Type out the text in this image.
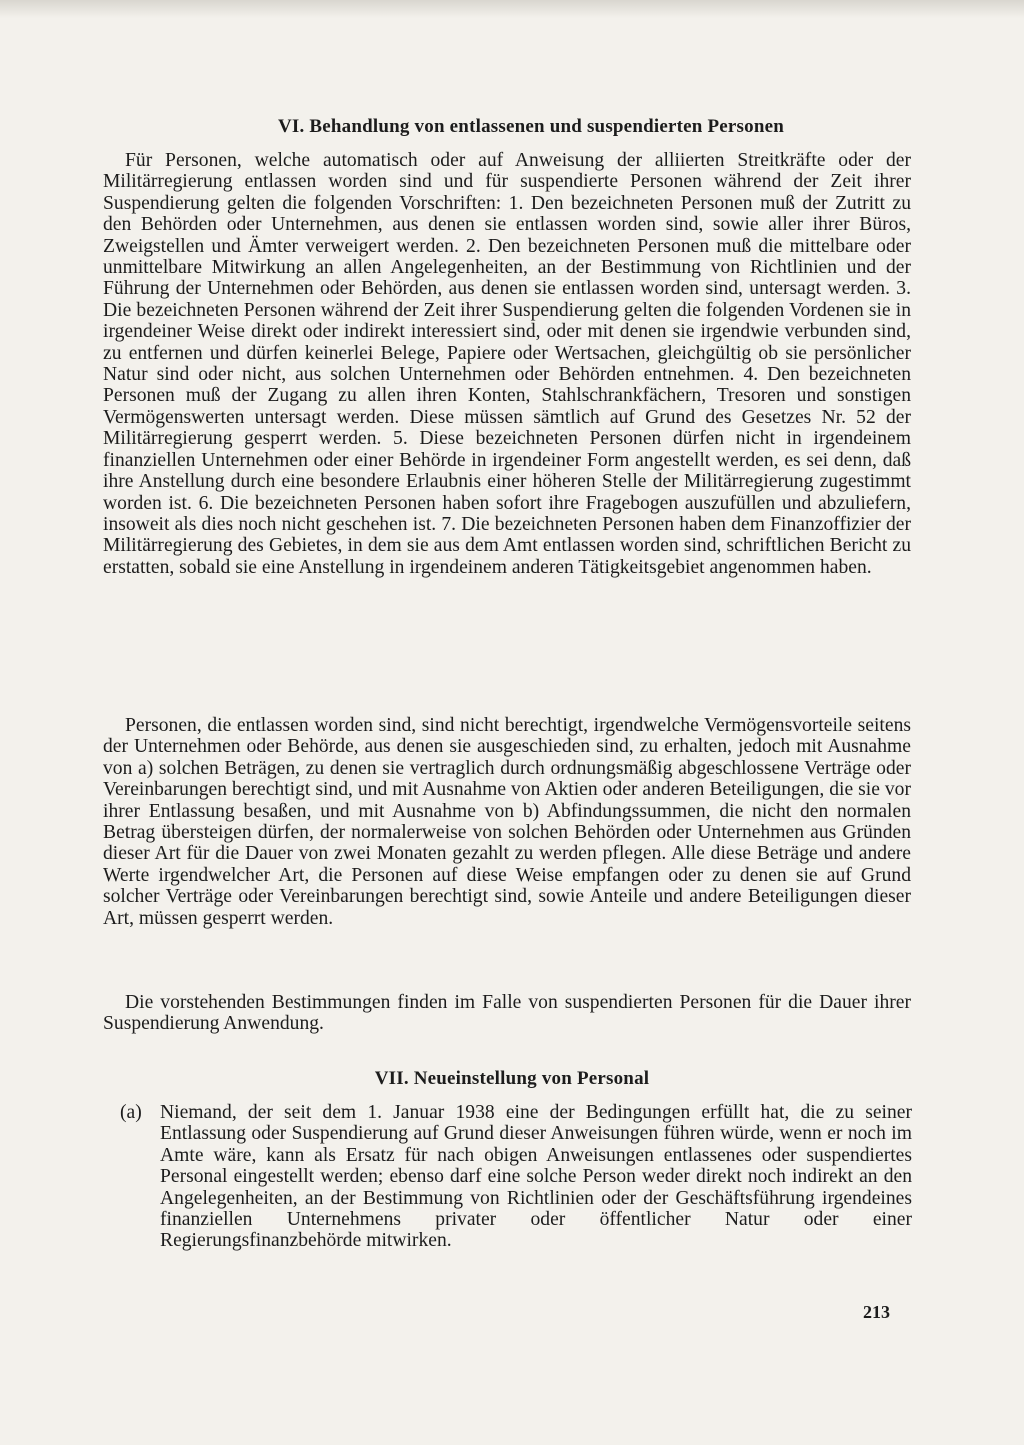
VI. Behandlung von entlassenen und suspendierten Personen

Für Personen, welche automatisch oder auf Anweisung der alliierten Streitkräfte oder der Militärregierung entlassen worden sind und für suspendierte Personen während der Zeit ihrer Suspendierung gelten die folgenden Vorschriften: 1. Den bezeichneten Personen muß der Zutritt zu den Behörden oder Unternehmen, aus denen sie entlassen worden sind, sowie aller ihrer Büros, Zweigstellen und Ämter verweigert werden. 2. Den bezeichneten Personen muß die mittelbare oder unmittelbare Mitwirkung an allen Angelegenheiten, an der Bestimmung von Richtlinien und der Führung der Unternehmen oder Behörden, aus denen sie entlassen worden sind, untersagt werden. 3. Die bezeichneten Personen während der Zeit ihrer Suspendierung gelten die folgenden Vordenen sie in irgendeiner Weise direkt oder indirekt interessiert sind, oder mit denen sie irgendwie verbunden sind, zu entfernen und dürfen keinerlei Belege, Papiere oder Wertsachen, gleichgültig ob sie persönlicher Natur sind oder nicht, aus solchen Unternehmen oder Behörden entnehmen. 4. Den bezeichneten Personen muß der Zugang zu allen ihren Konten, Stahlschrankfächern, Tresoren und sonstigen Vermögenswerten untersagt werden. Diese müssen sämtlich auf Grund des Gesetzes Nr. 52 der Militärregierung gesperrt werden. 5. Diese bezeichneten Personen dürfen nicht in irgendeinem finanziellen Unternehmen oder einer Behörde in irgendeiner Form angestellt werden, es sei denn, daß ihre Anstellung durch eine besondere Erlaubnis einer höheren Stelle der Militärregierung zugestimmt worden ist. 6. Die bezeichneten Personen haben sofort ihre Fragebogen auszufüllen und abzuliefern, insoweit als dies noch nicht geschehen ist. 7. Die bezeichneten Personen haben dem Finanzoffizier der Militärregierung des Gebietes, in dem sie aus dem Amt entlassen worden sind, schriftlichen Bericht zu erstatten, sobald sie eine Anstellung in irgendeinem anderen Tätigkeitsgebiet angenommen haben.

Personen, die entlassen worden sind, sind nicht berechtigt, irgendwelche Vermögensvorteile seitens der Unternehmen oder Behörde, aus denen sie ausgeschieden sind, zu erhalten, jedoch mit Ausnahme von a) solchen Beträgen, zu denen sie vertraglich durch ordnungsmäßig abgeschlossene Verträge oder Vereinbarungen berechtigt sind, und mit Ausnahme von Aktien oder anderen Beteiligungen, die sie vor ihrer Entlassung besaßen, und mit Ausnahme von b) Abfindungssummen, die nicht den normalen Betrag übersteigen dürfen, der normalerweise von solchen Behörden oder Unternehmen aus Gründen dieser Art für die Dauer von zwei Monaten gezahlt zu werden pflegen. Alle diese Beträge und andere Werte irgendwelcher Art, die Personen auf diese Weise empfangen oder zu denen sie auf Grund solcher Verträge oder Vereinbarungen berechtigt sind, sowie Anteile und andere Beteiligungen dieser Art, müssen gesperrt werden.

Die vorstehenden Bestimmungen finden im Falle von suspendierten Personen für die Dauer ihrer Suspendierung Anwendung.

VII. Neueinstellung von Personal
(a) Niemand, der seit dem 1. Januar 1938 eine der Bedingungen erfüllt hat, die zu seiner Entlassung oder Suspendierung auf Grund dieser Anweisungen führen würde, wenn er noch im Amte wäre, kann als Ersatz für nach obigen Anweisungen entlassenes oder suspendiertes Personal eingestellt werden; ebenso darf eine solche Person weder direkt noch indirekt an den Angelegenheiten, an der Bestimmung von Richtlinien oder der Geschäftsführung irgendeines finanziellen Unternehmens privater oder öffentlicher Natur oder einer Regierungsfinanzbehörde mitwirken.

213
